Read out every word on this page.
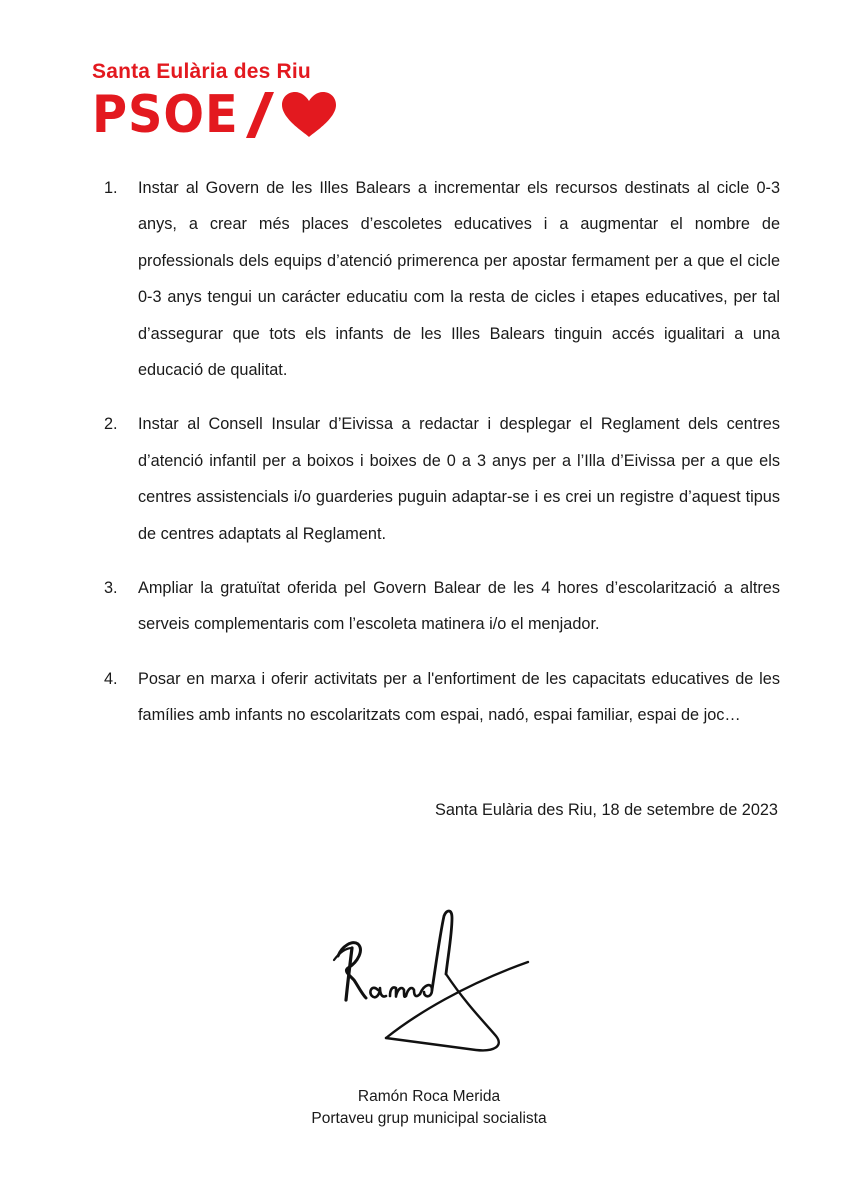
Santa Eulària des Riu

PSOE
1.	Instar al Govern de les Illes Balears a incrementar els recursos destinats al cicle 0-3 anys, a crear més places d’escoletes educatives i a augmentar el nombre de professionals dels equips d’atenció primerenca per apostar fermament per a que el cicle 0-3 anys tengui un carácter educatiu com la resta de cicles i etapes educatives, per tal d’assegurar que tots els infants de les Illes Balears tinguin accés igualitari a una educació de qualitat.
2.	Instar al Consell Insular d’Eivissa a redactar i desplegar el Reglament dels centres d’atenció infantil per a boixos i boixes de 0 a 3 anys per a l’Illa d’Eivissa per a que els centres assistencials i/o guarderies puguin adaptar-se i es crei un registre d’aquest tipus de centres adaptats al Reglament.
3.	Ampliar la gratuïtat oferida pel Govern Balear de les 4 hores d’escolarització a altres serveis complementaris com l’escoleta matinera i/o el menjador.
4.	Posar en marxa i oferir activitats per a l'enfortiment de les capacitats educatives de les famílies amb infants no escolaritzats com espai, nadó, espai familiar, espai de joc…
Santa Eulària des Riu, 18 de setembre de 2023
Ramón Roca Merida
Portaveu grup municipal socialista
